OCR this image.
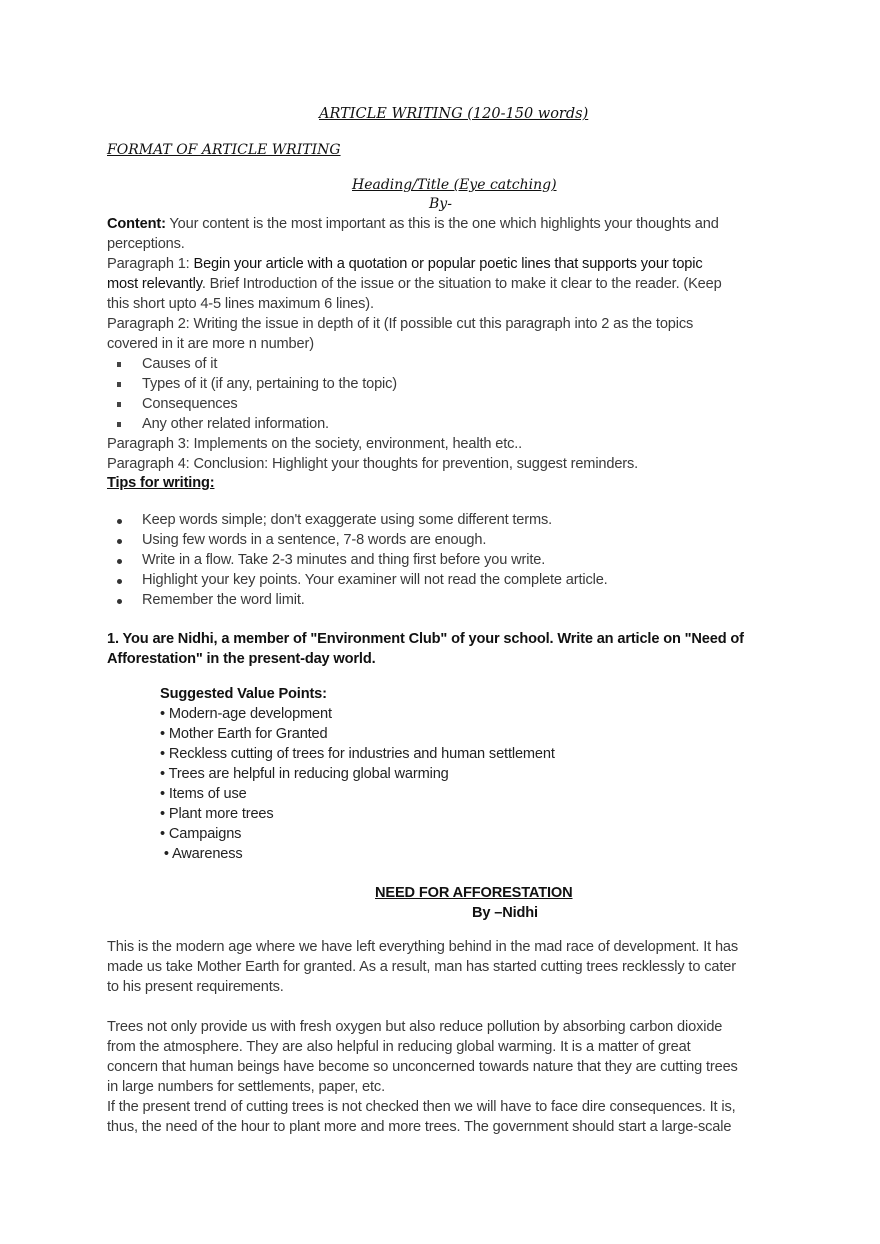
ARTICLE WRITING (120-150 words)
FORMAT OF ARTICLE WRITING
Heading/Title (Eye catching)
By-
Content: Your content is the most important as this is the one which highlights your thoughts and
perceptions.
Paragraph 1: Begin your article with a quotation or popular poetic lines that supports your topic
most relevantly. Brief Introduction of the issue or the situation to make it clear to the reader. (Keep
this short upto 4-5 lines maximum 6 lines).
Paragraph 2: Writing the issue in depth of it (If possible cut this paragraph into 2 as the topics
covered in it are more n number)
Causes of it
Types of it (if any, pertaining to the topic)
Consequences
Any other related information.
Paragraph 3: Implements on the society, environment, health etc..
Paragraph 4: Conclusion: Highlight your thoughts for prevention, suggest reminders.
Tips for writing:
Keep words simple; don't exaggerate using some different terms.
Using few words in a sentence, 7-8 words are enough.
Write in a flow. Take 2-3 minutes and thing first before you write.
Highlight your key points. Your examiner will not read the complete article.
Remember the word limit.
1. You are Nidhi, a member of "Environment Club" of your school. Write an article on "Need of
Afforestation" in the present-day world.
Suggested Value Points:
• Modern-age development
• Mother Earth for Granted
• Reckless cutting of trees for industries and human settlement
• Trees are helpful in reducing global warming
• Items of use
• Plant more trees
• Campaigns
• Awareness
NEED FOR AFFORESTATION
By –Nidhi
This is the modern age where we have left everything behind in the mad race of development. It has
made us take Mother Earth for granted. As a result, man has started cutting trees recklessly to cater
to his present requirements.
Trees not only provide us with fresh oxygen but also reduce pollution by absorbing carbon dioxide
from the atmosphere. They are also helpful in reducing global warming. It is a matter of great
concern that human beings have become so unconcerned towards nature that they are cutting trees
in large numbers for settlements, paper, etc.
If the present trend of cutting trees is not checked then we will have to face dire consequences. It is,
thus, the need of the hour to plant more and more trees. The government should start a large-scale
